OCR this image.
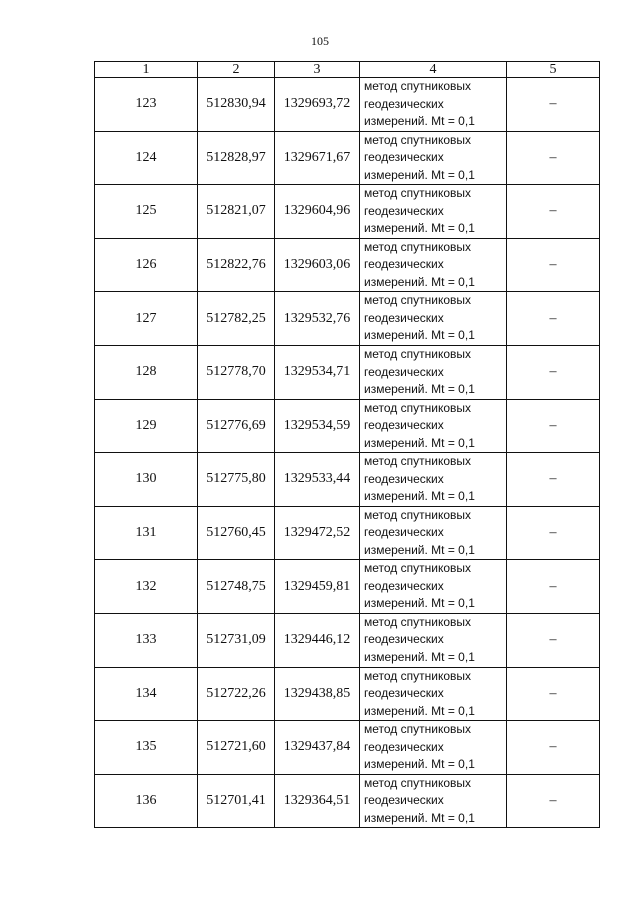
105
1	2	3	4	5
123	512830,94	1329693,72	метод спутниковых
геодезических
измерений. Mt = 0,1	–
124	512828,97	1329671,67	метод спутниковых
геодезических
измерений. Mt = 0,1	–
125	512821,07	1329604,96	метод спутниковых
геодезических
измерений. Mt = 0,1	–
126	512822,76	1329603,06	метод спутниковых
геодезических
измерений. Mt = 0,1	–
127	512782,25	1329532,76	метод спутниковых
геодезических
измерений. Mt = 0,1	–
128	512778,70	1329534,71	метод спутниковых
геодезических
измерений. Mt = 0,1	–
129	512776,69	1329534,59	метод спутниковых
геодезических
измерений. Mt = 0,1	–
130	512775,80	1329533,44	метод спутниковых
геодезических
измерений. Mt = 0,1	–
131	512760,45	1329472,52	метод спутниковых
геодезических
измерений. Mt = 0,1	–
132	512748,75	1329459,81	метод спутниковых
геодезических
измерений. Mt = 0,1	–
133	512731,09	1329446,12	метод спутниковых
геодезических
измерений. Mt = 0,1	–
134	512722,26	1329438,85	метод спутниковых
геодезических
измерений. Mt = 0,1	–
135	512721,60	1329437,84	метод спутниковых
геодезических
измерений. Mt = 0,1	–
136	512701,41	1329364,51	метод спутниковых
геодезических
измерений. Mt = 0,1	–
